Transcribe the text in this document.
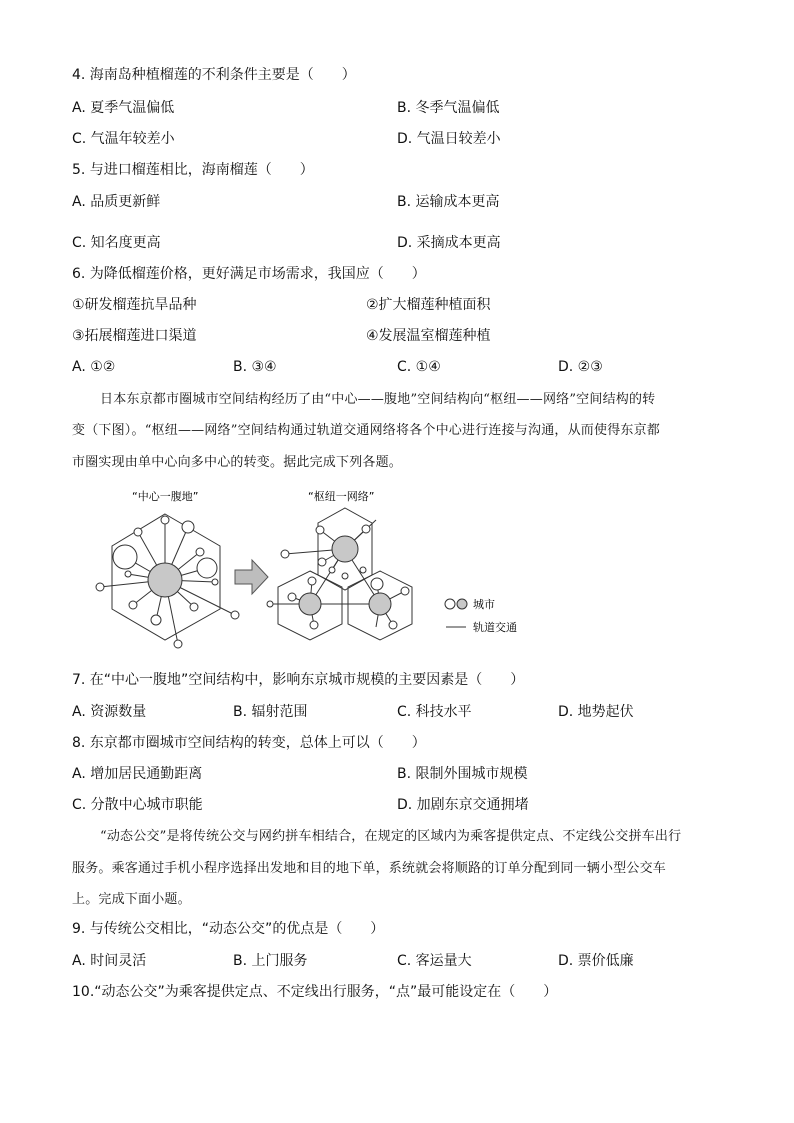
4. 海南岛种植榴莲的不利条件主要是（　　）
A. 夏季气温偏低	B. 冬季气温偏低
C. 气温年较差小	D. 气温日较差小
5. 与进口榴莲相比，海南榴莲（　　）
A. 品质更新鲜	B. 运输成本更高
C. 知名度更高	D. 采摘成本更高
6. 为降低榴莲价格，更好满足市场需求，我国应（　　）
①研发榴莲抗旱品种	②扩大榴莲种植面积
③拓展榴莲进口渠道	④发展温室榴莲种植
A. ①②	B. ③④	C. ①④	D. ②③
日本东京都市圈城市空间结构经历了由“中心——腹地”空间结构向“枢纽——网络”空间结构的转
变（下图）。“枢纽——网络”空间结构通过轨道交通网络将各个中心进行连接与沟通，从而使得东京都
市圈实现由单中心向多中心的转变。据此完成下列各题。
“中心一腹地”	“枢纽一网络”
城市
轨道交通
7. 在“中心一腹地”空间结构中，影响东京城市规模的主要因素是（　　）
A. 资源数量	B. 辐射范围	C. 科技水平	D. 地势起伏
8. 东京都市圈城市空间结构的转变，总体上可以（　　）
A. 增加居民通勤距离	B. 限制外围城市规模
C. 分散中心城市职能	D. 加剧东京交通拥堵
“动态公交”是将传统公交与网约拼车相结合，在规定的区域内为乘客提供定点、不定线公交拼车出行
服务。乘客通过手机小程序选择出发地和目的地下单，系统就会将顺路的订单分配到同一辆小型公交车
上。完成下面小题。
9. 与传统公交相比，“动态公交”的优点是（　　）
A. 时间灵活	B. 上门服务	C. 客运量大	D. 票价低廉
10.“动态公交”为乘客提供定点、不定线出行服务，“点”最可能设定在（　　）
